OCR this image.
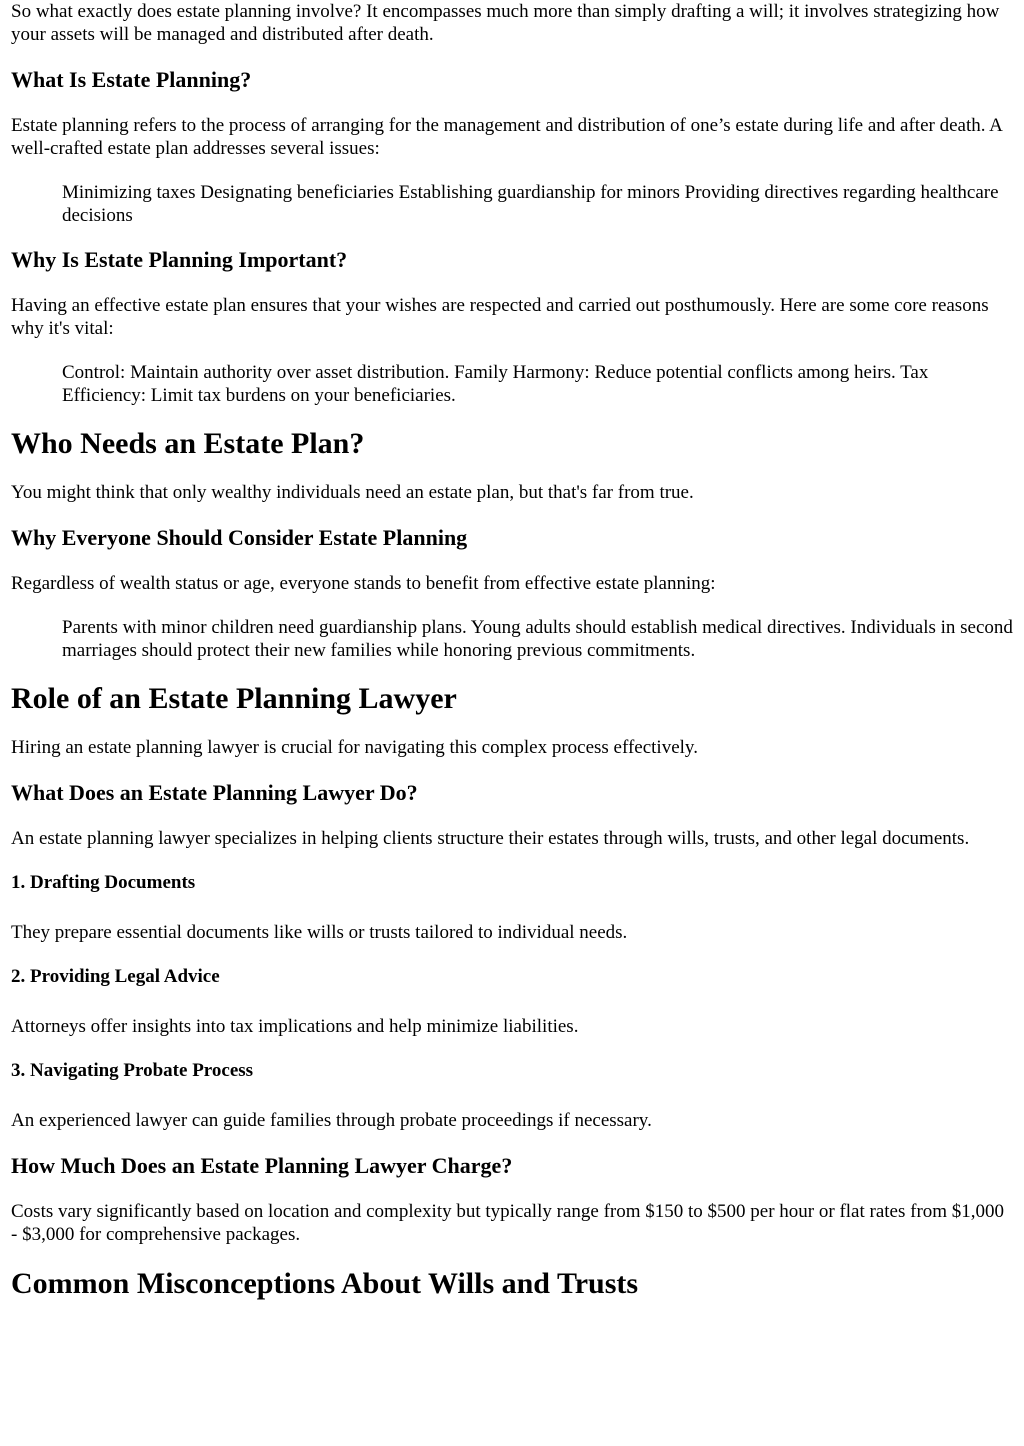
So what exactly does estate planning involve? It encompasses much more than simply drafting a will; it involves strategizing how your assets will be managed and distributed after death.

What Is Estate Planning?

Estate planning refers to the process of arranging for the management and distribution of one’s estate during life and after death. A well-crafted estate plan addresses several issues:

Minimizing taxes Designating beneficiaries Establishing guardianship for minors Providing directives regarding healthcare decisions
Why Is Estate Planning Important?

Having an effective estate plan ensures that your wishes are respected and carried out posthumously. Here are some core reasons why it's vital:

Control: Maintain authority over asset distribution. Family Harmony: Reduce potential conflicts among heirs. Tax Efficiency: Limit tax burdens on your beneficiaries.
Who Needs an Estate Plan?

You might think that only wealthy individuals need an estate plan, but that's far from true.

Why Everyone Should Consider Estate Planning

Regardless of wealth status or age, everyone stands to benefit from effective estate planning:

Parents with minor children need guardianship plans. Young adults should establish medical directives. Individuals in second marriages should protect their new families while honoring previous commitments.
Role of an Estate Planning Lawyer

Hiring an estate planning lawyer is crucial for navigating this complex process effectively.

What Does an Estate Planning Lawyer Do?

An estate planning lawyer specializes in helping clients structure their estates through wills, trusts, and other legal documents.

1. Drafting Documents

They prepare essential documents like wills or trusts tailored to individual needs.

2. Providing Legal Advice

Attorneys offer insights into tax implications and help minimize liabilities.

3. Navigating Probate Process

An experienced lawyer can guide families through probate proceedings if necessary.

How Much Does an Estate Planning Lawyer Charge?

Costs vary significantly based on location and complexity but typically range from $150 to $500 per hour or flat rates from $1,000 - $3,000 for comprehensive packages.

Common Misconceptions About Wills and Trusts
